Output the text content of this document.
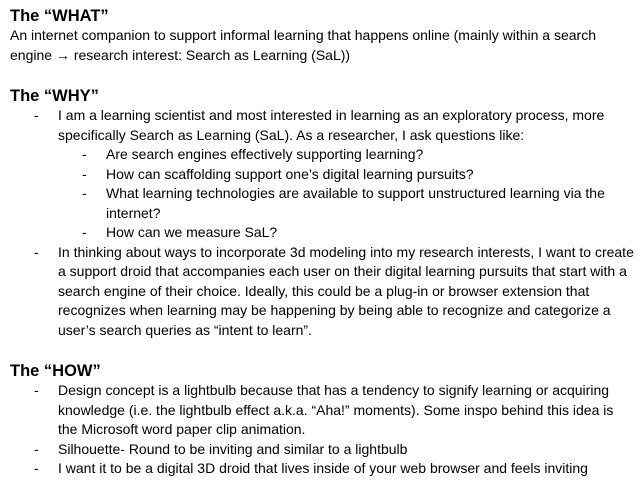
The “WHAT”

An internet companion to support informal learning that happens online (mainly within a search engine → research interest: Search as Learning (SaL))

The “WHY”
- I am a learning scientist and most interested in learning as an exploratory process, more specifically Search as Learning (SaL). As a researcher, I ask questions like:
- Are search engines effectively supporting learning?
- How can scaffolding support one’s digital learning pursuits?
- What learning technologies are available to support unstructured learning via the internet?
- How can we measure SaL?
- In thinking about ways to incorporate 3d modeling into my research interests, I want to create a support droid that accompanies each user on their digital learning pursuits that start with a search engine of their choice. Ideally, this could be a plug-in or browser extension that recognizes when learning may be happening by being able to recognize and categorize a user’s search queries as “intent to learn”.
The “HOW”
- Design concept is a lightbulb because that has a tendency to signify learning or acquiring knowledge (i.e. the lightbulb effect a.k.a. “Aha!” moments). Some inspo behind this idea is the Microsoft word paper clip animation.
- Silhouette- Round to be inviting and similar to a lightbulb
- I want it to be a digital 3D droid that lives inside of your web browser and feels inviting
